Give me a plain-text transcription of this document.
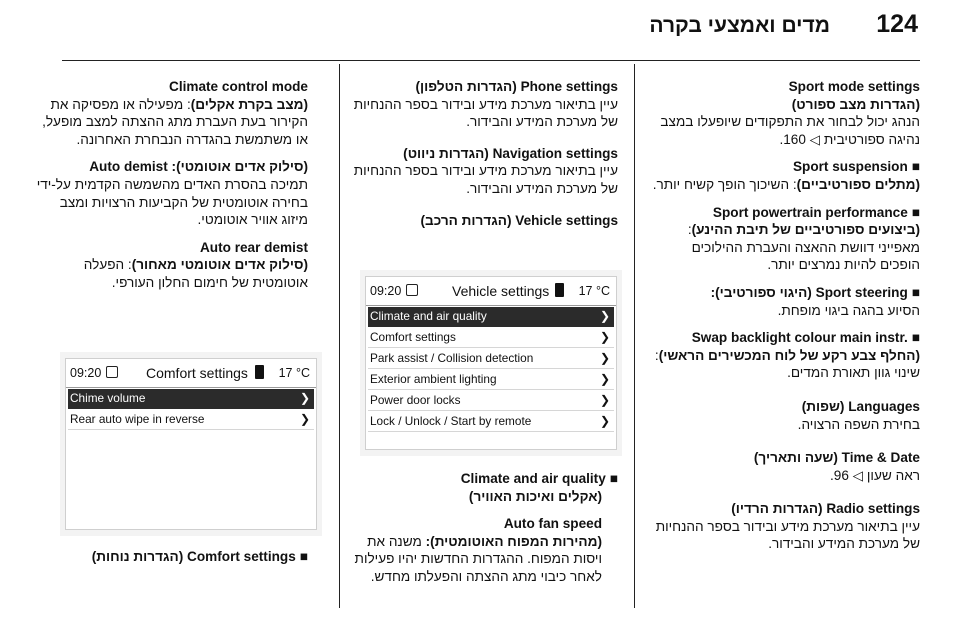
מדים ואמצעי בקרה 124

Sport mode settings
(הגדרות מצב ספורט)
הנהג יכול לבחור את התפקודים שיופעלו במצב נהיגה ספורטיבית ◁ 160.

■Sport suspension
(מתלים ספורטיביים): השיכוך הופך קשיח יותר.

■Sport powertrain performance
(ביצועים ספורטיביים של תיבת ההינע): מאפייני דוושת ההאצה והעברת ההילוכים הופכים להיות נמרצים יותר.

■Sport steering (היגוי ספורטיבי):
הסיוע בהגה ביגוי מופחת.

■Swap backlight colour main instr.
(החלף צבע רקע של לוח המכשירים הראשי): שינוי גוון תאורת המדים.

Languages (שפות)
בחירת השפה הרצויה.

Time & Date (שעה ותאריך)
ראה שעון ◁ 96.

Radio settings (הגדרות הרדיו)
עיין בתיאור מערכת מידע ובידור בספר ההנחיות של מערכת המידע והבידור.

Phone settings (הגדרות הטלפון)
עיין בתיאור מערכת מידע ובידור בספר ההנחיות של מערכת המידע והבידור.

Navigation settings (הגדרות ניווט)
עיין בתיאור מערכת מידע ובידור בספר ההנחיות של מערכת המידע והבידור.

Vehicle settings (הגדרות הרכב)

09:20	Vehicle settings 17 °C
Climate and air quality	❯
Comfort settings	❯
Park assist / Collision detection	❯
Exterior ambient lighting	❯
Power door locks	❯
Lock / Unlock / Start by remote	❯

■Climate and air quality
(אקלים ואיכות האוויר)

Auto fan speed
(מהירות המפוח האוטומטית): משנה את ויסות המפוח. ההגדרות החדשות יהיו פעילות לאחר כיבוי מתג ההצתה והפעלתו מחדש.

Climate control mode
(מצב בקרת אקלים): מפעילה או מפסיקה את הקירור בעת העברת מתג ההצתה למצב מופעל, או משתמשת בהגדרה הנבחרת האחרונה.

(סילוק אדים אוטומטי): Auto demist
תמיכה בהסרת האדים מהשמשה הקדמית על-ידי בחירה אוטומטית של הקביעות הרצויות ומצב מיזוג אוויר אוטומטי.

Auto rear demist
(סילוק אדים אוטומטי מאחור): הפעלה אוטומטית של חימום החלון העורפי.

09:20	Comfort settings 17 °C
Chime volume	❯
Rear auto wipe in reverse	❯

■Comfort settings (הגדרות נוחות)
